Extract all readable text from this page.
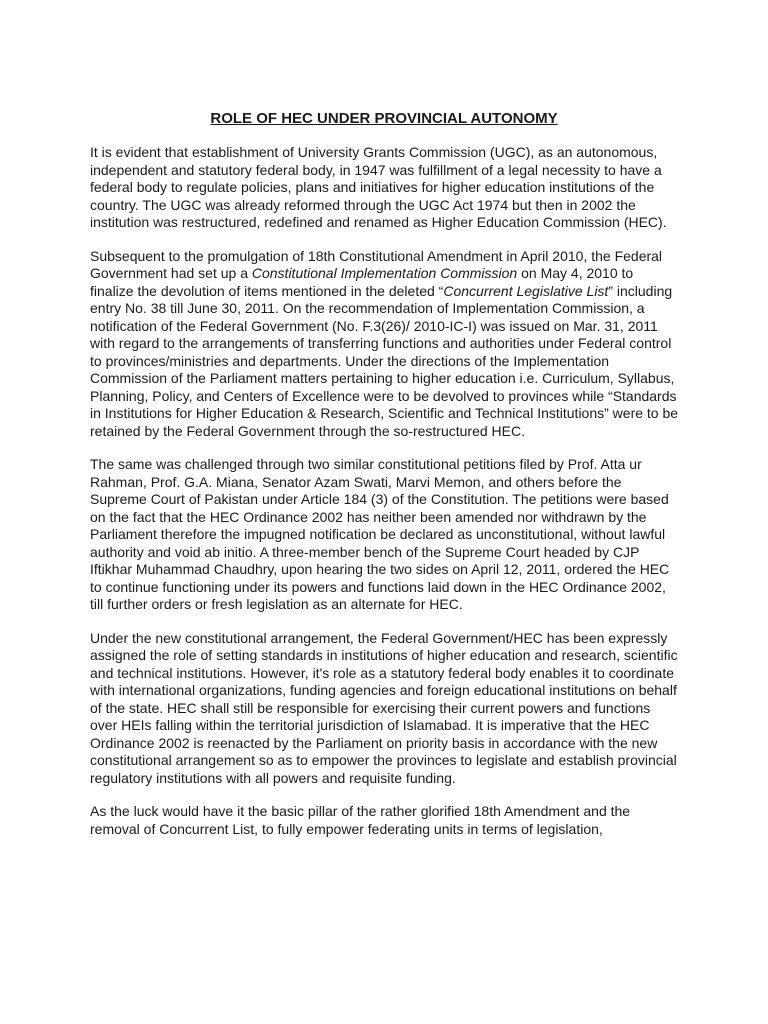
ROLE OF HEC UNDER PROVINCIAL AUTONOMY

It is evident that establishment of University Grants Commission (UGC), as an autonomous, independent and statutory federal body, in 1947 was fulfillment of a legal necessity to have a federal body to regulate policies, plans and initiatives for higher education institutions of the country. The UGC was already reformed through the UGC Act 1974 but then in 2002 the institution was restructured, redefined and renamed as Higher Education Commission (HEC).

Subsequent to the promulgation of 18th Constitutional Amendment in April 2010, the Federal Government had set up a Constitutional Implementation Commission on May 4, 2010 to finalize the devolution of items mentioned in the deleted “Concurrent Legislative List” including entry No. 38 till June 30, 2011. On the recommendation of Implementation Commission, a notification of the Federal Government (No. F.3(26)/ 2010-IC-I) was issued on Mar. 31, 2011 with regard to the arrangements of transferring functions and authorities under Federal control to provinces/ministries and departments. Under the directions of the Implementation Commission of the Parliament matters pertaining to higher education i.e. Curriculum, Syllabus, Planning, Policy, and Centers of Excellence were to be devolved to provinces while “Standards in Institutions for Higher Education & Research, Scientific and Technical Institutions” were to be retained by the Federal Government through the so-restructured HEC.

The same was challenged through two similar constitutional petitions filed by Prof. Atta ur Rahman, Prof. G.A. Miana, Senator Azam Swati, Marvi Memon, and others before the Supreme Court of Pakistan under Article 184 (3) of the Constitution. The petitions were based on the fact that the HEC Ordinance 2002 has neither been amended nor withdrawn by the Parliament therefore the impugned notification be declared as unconstitutional, without lawful authority and void ab initio. A three-member bench of the Supreme Court headed by CJP Iftikhar Muhammad Chaudhry, upon hearing the two sides on April 12, 2011, ordered the HEC to continue functioning under its powers and functions laid down in the HEC Ordinance 2002, till further orders or fresh legislation as an alternate for HEC.

Under the new constitutional arrangement, the Federal Government/HEC has been expressly assigned the role of setting standards in institutions of higher education and research, scientific and technical institutions. However, it's role as a statutory federal body enables it to coordinate with international organizations, funding agencies and foreign educational institutions on behalf of the state. HEC shall still be responsible for exercising their current powers and functions over HEIs falling within the territorial jurisdiction of Islamabad. It is imperative that the HEC Ordinance 2002 is reenacted by the Parliament on priority basis in accordance with the new constitutional arrangement so as to empower the provinces to legislate and establish provincial regulatory institutions with all powers and requisite funding.

As the luck would have it the basic pillar of the rather glorified 18th Amendment and the removal of Concurrent List, to fully empower federating units in terms of legislation,
